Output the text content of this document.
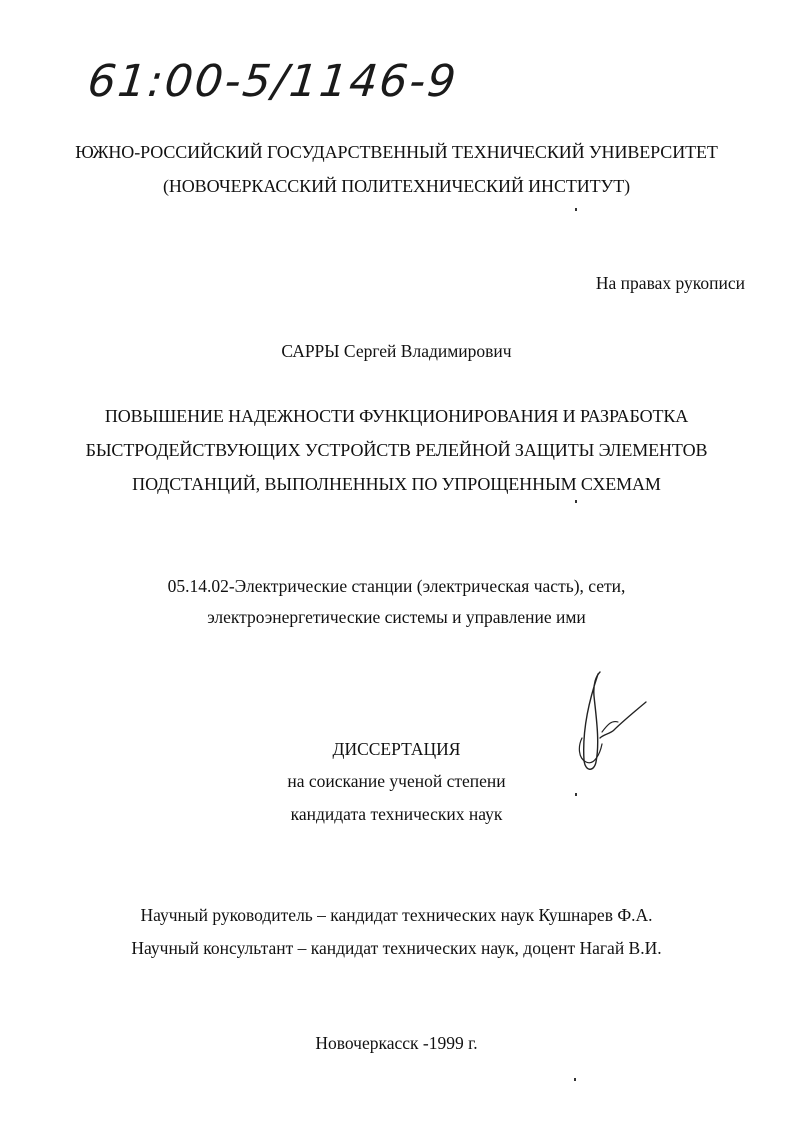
61:00-5/1146-9
ЮЖНО-РОССИЙСКИЙ ГОСУДАРСТВЕННЫЙ ТЕХНИЧЕСКИЙ УНИВЕРСИТЕТ
(НОВОЧЕРКАССКИЙ ПОЛИТЕХНИЧЕСКИЙ ИНСТИТУТ)
На правах рукописи
САРРЫ Сергей Владимирович
ПОВЫШЕНИЕ НАДЕЖНОСТИ ФУНКЦИОНИРОВАНИЯ И РАЗРАБОТКА
БЫСТРОДЕЙСТВУЮЩИХ УСТРОЙСТВ РЕЛЕЙНОЙ ЗАЩИТЫ ЭЛЕМЕНТОВ
ПОДСТАНЦИЙ, ВЫПОЛНЕННЫХ ПО УПРОЩЕННЫМ СХЕМАМ
05.14.02-Электрические станции (электрическая часть), сети,
электроэнергетические системы и управление ими
ДИССЕРТАЦИЯ
на соискание ученой степени
кандидата технических наук
Научный руководитель – кандидат технических наук Кушнарев Ф.А.
Научный консультант – кандидат технических наук, доцент Нагай В.И.
Новочеркасск -1999 г.
